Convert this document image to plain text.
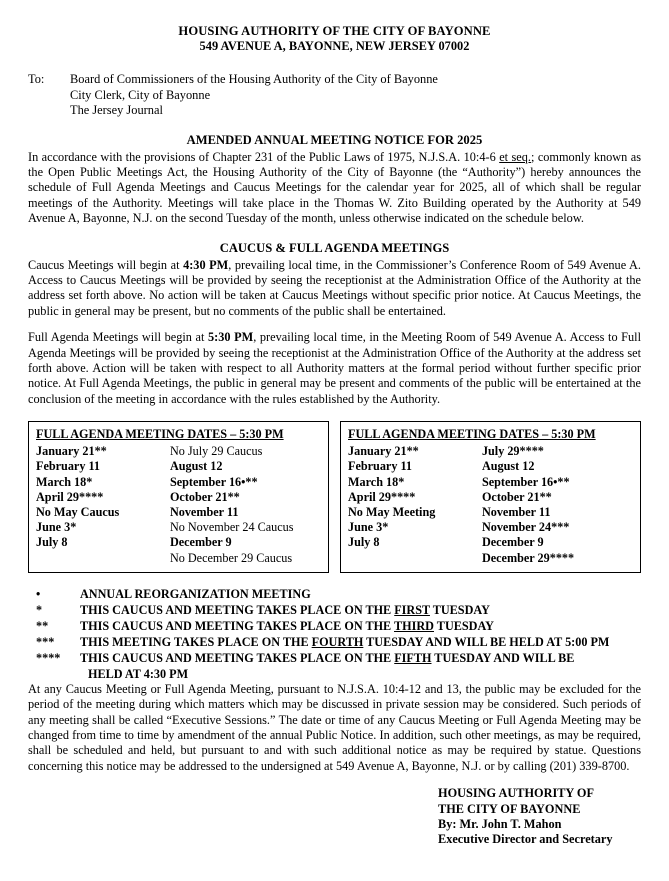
HOUSING AUTHORITY OF THE CITY OF BAYONNE
549 AVENUE A, BAYONNE, NEW JERSEY 07002
To:	Board of Commissioners of the Housing Authority of the City of Bayonne
City Clerk, City of Bayonne
The Jersey Journal
AMENDED ANNUAL MEETING NOTICE FOR 2025

In accordance with the provisions of Chapter 231 of the Public Laws of 1975, N.J.S.A. 10:4-6 et seq.; commonly known as the Open Public Meetings Act, the Housing Authority of the City of Bayonne (the “Authority”) hereby announces the schedule of Full Agenda Meetings and Caucus Meetings for the calendar year for 2025, all of which shall be regular meetings of the Authority. Meetings will take place in the Thomas W. Zito Building operated by the Authority at 549 Avenue A, Bayonne, N.J. on the second Tuesday of the month, unless otherwise indicated on the schedule below.

CAUCUS & FULL AGENDA MEETINGS

Caucus Meetings will begin at 4:30 PM, prevailing local time, in the Commissioner’s Conference Room of 549 Avenue A. Access to Caucus Meetings will be provided by seeing the receptionist at the Administration Office of the Authority at the address set forth above. No action will be taken at Caucus Meetings without specific prior notice. At Caucus Meetings, the public in general may be present, but no comments of the public shall be entertained.

Full Agenda Meetings will begin at 5:30 PM, prevailing local time, in the Meeting Room of 549 Avenue A. Access to Full Agenda Meetings will be provided by seeing the receptionist at the Administration Office of the Authority at the address set forth above. Action will be taken with respect to all Authority matters at the formal period without further specific prior notice. At Full Agenda Meetings, the public in general may be present and comments of the public will be entertained at the conclusion of the meeting in accordance with the rules established by the Authority.

FULL AGENDA MEETING DATES – 5:30 PM
January 21**	No July 29 Caucus
February 11	August 12
March 18*	September 16•**
April 29****	October 21**
No May Caucus	November 11
June 3*	No November 24 Caucus
July 8	December 9
	No December 29 Caucus
FULL AGENDA MEETING DATES – 5:30 PM
January 21**	July 29****
February 11	August 12
March 18*	September 16•**
April 29****	October 21**
No May Meeting	November 11
June 3*	November 24***
July 8	December 9
	December 29****
•	ANNUAL REORGANIZATION MEETING
*	THIS CAUCUS AND MEETING TAKES PLACE ON THE FIRST TUESDAY
**	THIS CAUCUS AND MEETING TAKES PLACE ON THE THIRD TUESDAY
***	THIS MEETING TAKES PLACE ON THE FOURTH TUESDAY AND WILL BE HELD AT 5:00 PM
****	THIS CAUCUS AND MEETING TAKES PLACE ON THE FIFTH TUESDAY AND WILL BE
HELD AT 4:30 PM

At any Caucus Meeting or Full Agenda Meeting, pursuant to N.J.S.A. 10:4-12 and 13, the public may be excluded for the period of the meeting during which matters which may be discussed in private session may be considered. Such periods of any meeting shall be called “Executive Sessions.” The date or time of any Caucus Meeting or Full Agenda Meeting may be changed from time to time by amendment of the annual Public Notice. In addition, such other meetings, as may be required, shall be scheduled and held, but pursuant to and with such additional notice as may be required by statue. Questions concerning this notice may be addressed to the undersigned at 549 Avenue A, Bayonne, N.J. or by calling (201) 339-8700.

HOUSING AUTHORITY OF
THE CITY OF BAYONNE
By: Mr. John T. Mahon
Executive Director and Secretary
